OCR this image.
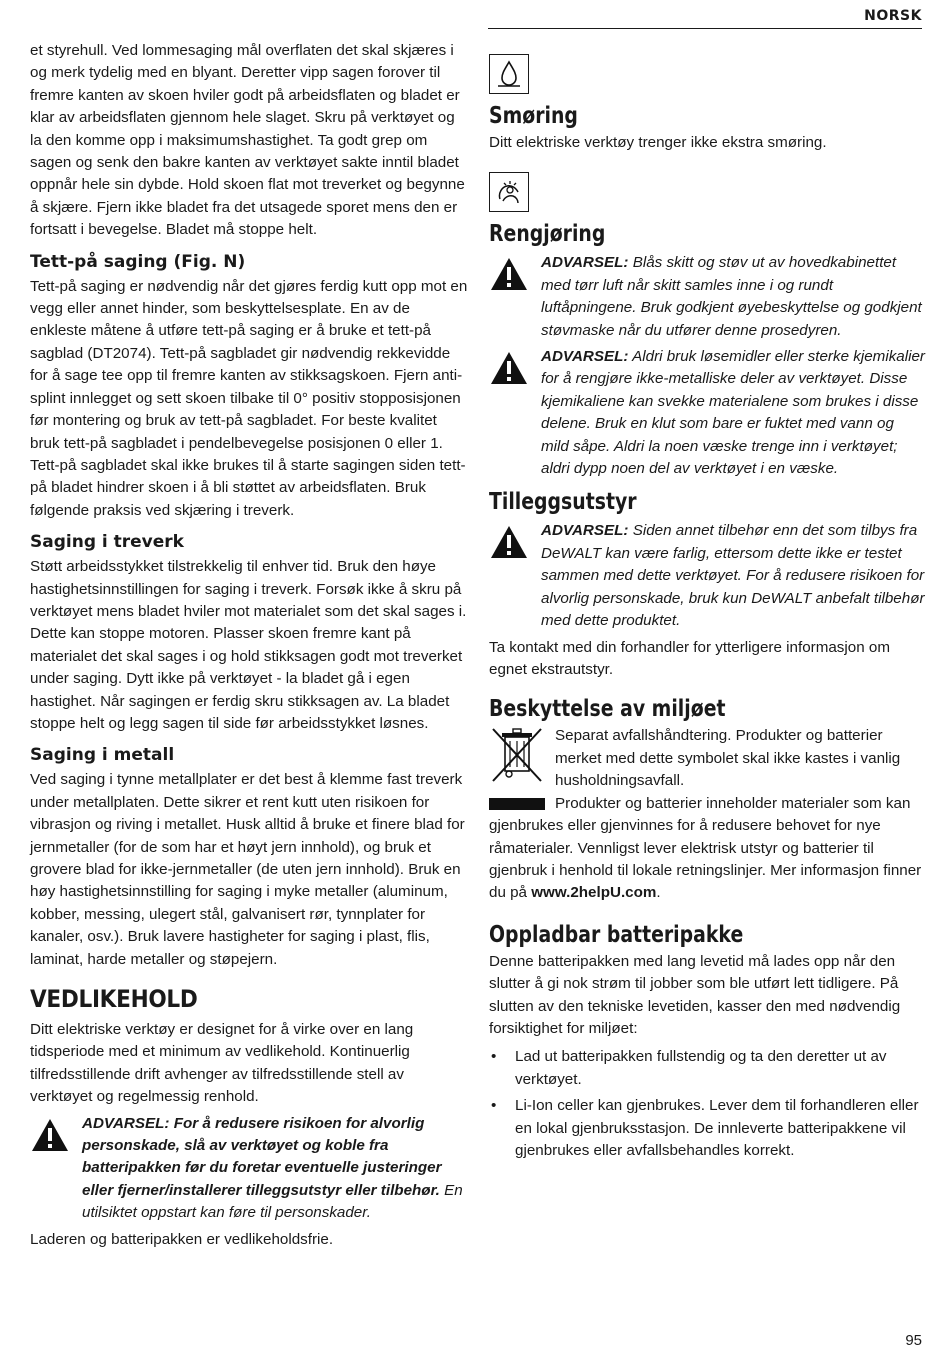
NORSK

et styrehull. Ved lommesaging mål overflaten det skal skjæres i og merk tydelig med en blyant. Deretter vipp sagen forover til fremre kanten av skoen hviler godt på arbeidsflaten og bladet er klar av arbeidsflaten gjennom hele slaget. Skru på verktøyet og la den komme opp i maksimumshastighet. Ta godt grep om sagen og senk den bakre kanten av verktøyet sakte inntil bladet oppnår hele sin dybde. Hold skoen flat mot treverket og begynne å skjære. Fjern ikke bladet fra det utsagede sporet mens den er fortsatt i bevegelse. Bladet må stoppe helt.

Tett-på saging (Fig. N)

Tett-på saging er nødvendig når det gjøres ferdig kutt opp mot en vegg eller annet hinder, som beskyttelsesplate. En av de enkleste måtene å utføre tett-på saging er å bruke et tett-på sagblad (DT2074). Tett-på sagbladet gir nødvendig rekkevidde for å sage tee opp til fremre kanten av stikksagskoen. Fjern anti-splint innlegget og sett skoen tilbake til 0° positiv stopposisjonen før montering og bruk av tett-på sagbladet. For beste kvalitet bruk tett-på sagbladet i pendelbevegelse posisjonen 0 eller 1. Tett-på sagbladet skal ikke brukes til å starte sagingen siden tett-på bladet hindrer skoen i å bli støttet av arbeidsflaten. Bruk følgende praksis ved skjæring i treverk.

Saging i treverk

Støtt arbeidsstykket tilstrekkelig til enhver tid. Bruk den høye hastighetsinnstillingen for saging i treverk. Forsøk ikke å skru på verktøyet mens bladet hviler mot materialet som det skal sages i. Dette kan stoppe motoren. Plasser skoen fremre kant på materialet det skal sages i og hold stikksagen godt mot treverket under saging. Dytt ikke på verktøyet - la bladet gå i egen hastighet. Når sagingen er ferdig skru stikksagen av. La bladet stoppe helt og legg sagen til side før arbeidsstykket løsnes.

Saging i metall

Ved saging i tynne metallplater er det best å klemme fast treverk under metallplaten. Dette sikrer et rent kutt uten risikoen for vibrasjon og riving i metallet. Husk alltid å bruke et finere blad for jernmetaller (for de som har et høyt jern innhold), og bruk et grovere blad for ikke-jernmetaller (de uten jern innhold). Bruk en høy hastighetsinnstilling for saging i myke metaller (aluminum, kobber, messing, ulegert stål, galvanisert rør, tynnplater for kanaler, osv.). Bruk lavere hastigheter for saging i plast, flis, laminat, harde metaller og støpejern.

VEDLIKEHOLD

Ditt elektriske verktøy er designet for å virke over en lang tidsperiode med et minimum av vedlikehold. Kontinuerlig tilfredsstillende drift avhenger av tilfredsstillende stell av verktøyet og regelmessig renhold.

ADVARSEL: For å redusere risikoen for alvorlig personskade, slå av verktøyet og koble fra batteripakken før du foretar eventuelle justeringer eller fjerner/installerer tilleggsutstyr eller tilbehør. En utilsiktet oppstart kan føre til personskader.

Laderen og batteripakken er vedlikeholdsfrie.

Smøring

Ditt elektriske verktøy trenger ikke ekstra smøring.

Rengjøring
ADVARSEL: Blås skitt og støv ut av hovedkabinettet med tørr luft når skitt samles inne i og rundt luftåpningene. Bruk godkjent øyebeskyttelse og godkjent støvmaske når du utfører denne prosedyren.
ADVARSEL: Aldri bruk løsemidler eller sterke kjemikalier for å rengjøre ikke-metalliske deler av verktøyet. Disse kjemikaliene kan svekke materialene som brukes i disse delene. Bruk en klut som bare er fuktet med vann og mild såpe. Aldri la noen væske trenge inn i verktøyet; aldri dypp noen del av verktøyet i en væske.
Tilleggsutstyr
ADVARSEL: Siden annet tilbehør enn det som tilbys fra DeWALT kan være farlig, ettersom dette ikke er testet sammen med dette verktøyet. For å redusere risikoen for alvorlig personskade, bruk kun DeWALT anbefalt tilbehør med dette produktet.

Ta kontakt med din forhandler for ytterligere informasjon om egnet ekstrautstyr.

Beskyttelse av miljøet

Separat avfallshåndtering. Produkter og batterier merket med dette symbolet skal ikke kastes i vanlig husholdningsavfall.

Produkter og batterier inneholder materialer som kan gjenbrukes eller gjenvinnes for å redusere behovet for nye råmaterialer. Vennligst lever elektrisk utstyr og batterier til gjenbruk i henhold til lokale retningslinjer. Mer informasjon finner du på www.2helpU.com.

Oppladbar batteripakke

Denne batteripakken med lang levetid må lades opp når den slutter å gi nok strøm til jobber som ble utført lett tidligere. På slutten av den tekniske levetiden, kasser den med nødvendig forsiktighet for miljøet:

• Lad ut batteripakken fullstendig og ta den deretter ut av verktøyet.
• Li-Ion celler kan gjenbrukes. Lever dem til forhandleren eller en lokal gjenbruksstasjon. De innleverte batteripakkene vil gjenbrukes eller avfallsbehandles korrekt.
95
